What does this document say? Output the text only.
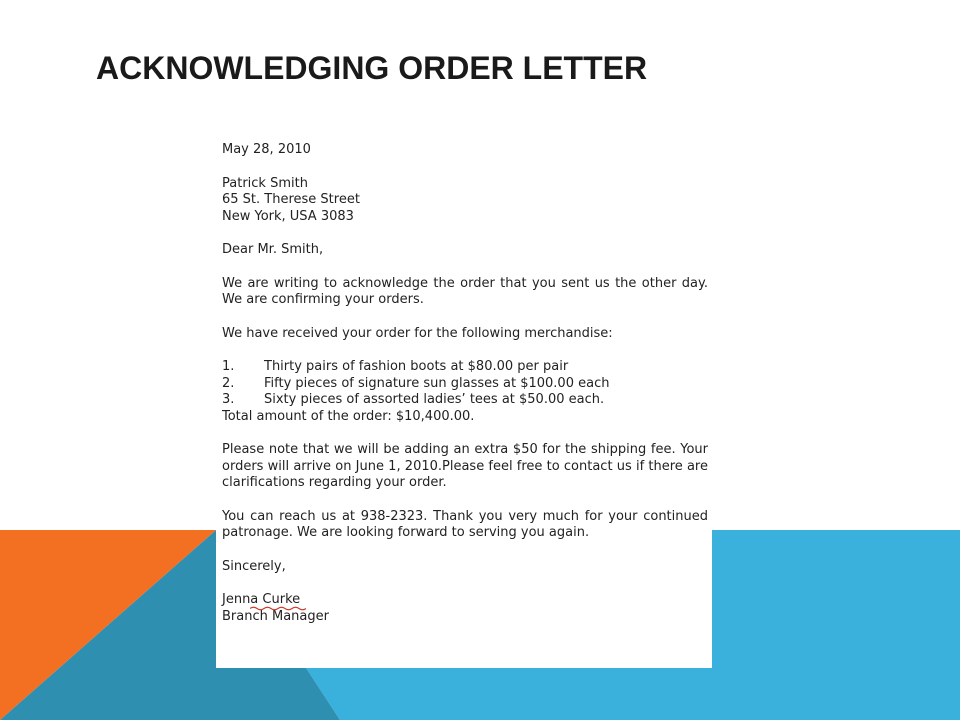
ACKNOWLEDGING ORDER LETTER

May 28, 2010

Patrick Smith
65 St. Therese Street
New York, USA 3083

Dear Mr. Smith,

We are writing to acknowledge the order that you sent us the other day. We are confirming your orders.

We have received your order for the following merchandise:

1.	Thirty pairs of fashion boots at $80.00 per pair
2.	Fifty pieces of signature sun glasses at $100.00 each
3.	Sixty pieces of assorted ladies’ tees at $50.00 each.
Total amount of the order: $10,400.00.

Please note that we will be adding an extra $50 for the shipping fee. Your orders will arrive on June 1, 2010.Please feel free to contact us if there are clarifications regarding your order.

You can reach us at 938-2323. Thank you very much for your continued patronage. We are looking forward to serving you again.

Sincerely,

Jenna Curke
Branch Manager
